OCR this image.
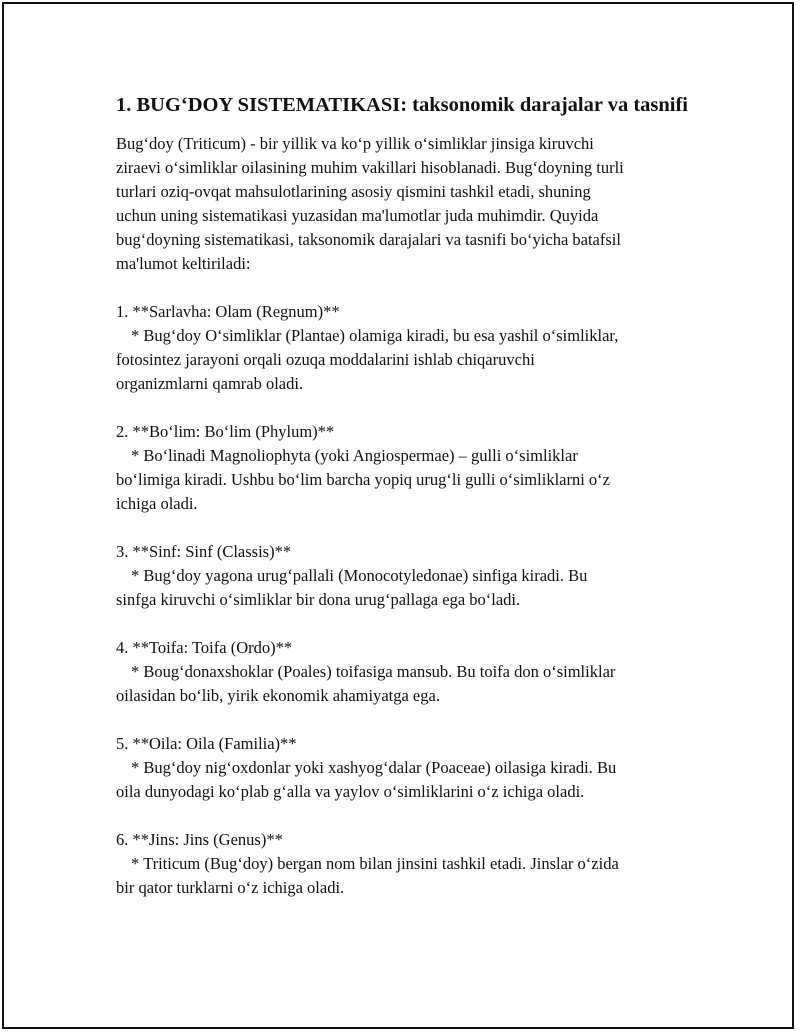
1. BUG‘DOY SISTEMATIKASI: taksonomik darajalar va tasnifi

Bug‘doy (Triticum) - bir yillik va ko‘p yillik o‘simliklar jinsiga kiruvchi
ziraevi o‘simliklar oilasining muhim vakillari hisoblanadi. Bug‘doyning turli
turlari oziq-ovqat mahsulotlarining asosiy qismini tashkil etadi, shuning
uchun uning sistematikasi yuzasidan ma'lumotlar juda muhimdir. Quyida
bug‘doyning sistematikasi, taksonomik darajalari va tasnifi bo‘yicha batafsil
ma'lumot keltiriladi:

1. **Sarlavha: Olam (Regnum)**

* Bug‘doy O‘simliklar (Plantae) olamiga kiradi, bu esa yashil o‘simliklar,
fotosintez jarayoni orqali ozuqa moddalarini ishlab chiqaruvchi
organizmlarni qamrab oladi.

2. **Bo‘lim: Bo‘lim (Phylum)**

* Bo‘linadi Magnoliophyta (yoki Angiospermae) – gulli o‘simliklar
bo‘limiga kiradi. Ushbu bo‘lim barcha yopiq urug‘li gulli o‘simliklarni o‘z
ichiga oladi.

3. **Sinf: Sinf (Classis)**

* Bug‘doy yagona urug‘pallali (Monocotyledonae) sinfiga kiradi. Bu
sinfga kiruvchi o‘simliklar bir dona urug‘pallaga ega bo‘ladi.

4. **Toifa: Toifa (Ordo)**

* Boug‘donaxshoklar (Poales) toifasiga mansub. Bu toifa don o‘simliklar
oilasidan bo‘lib, yirik ekonomik ahamiyatga ega.

5. **Oila: Oila (Familia)**

* Bug‘doy nig‘oxdonlar yoki xashyog‘dalar (Poaceae) oilasiga kiradi. Bu
oila dunyodagi ko‘plab g‘alla va yaylov o‘simliklarini o‘z ichiga oladi.

6. **Jins: Jins (Genus)**

* Triticum (Bug‘doy) bergan nom bilan jinsini tashkil etadi. Jinslar o‘zida
bir qator turklarni o‘z ichiga oladi.
